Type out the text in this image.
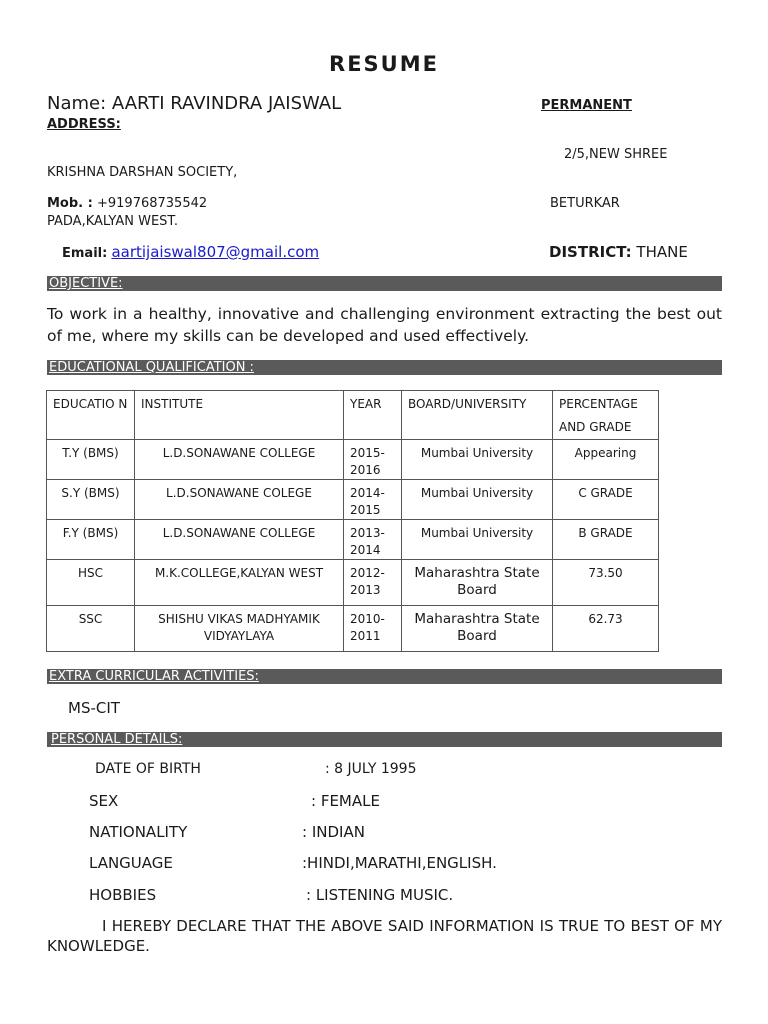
RESUME
Name: AARTI RAVINDRA JAISWAL	PERMANENT
ADDRESS:
2/5,NEW SHREE
KRISHNA DARSHAN SOCIETY,
Mob. : +919768735542	BETURKAR
PADA,KALYAN WEST.
Email: aartijaiswal807@gmail.com	DISTRICT: THANE
OBJECTIVE:
To work in a healthy, innovative and challenging environment extracting the best out of me, where my skills can be developed and used effectively.
EDUCATIONAL QUALIFICATION :
EDUCATIO N	INSTITUTE	YEAR	BOARD/UNIVERSITY	PERCENTAGE AND GRADE
T.Y (BMS)	L.D.SONAWANE COLLEGE	2015-2016	Mumbai University	Appearing
S.Y (BMS)	L.D.SONAWANE COLEGE	2014-2015	Mumbai University	C GRADE
F.Y (BMS)	L.D.SONAWANE COLLEGE	2013-2014	Mumbai University	B GRADE
HSC	M.K.COLLEGE,KALYAN WEST	2012-2013	Maharashtra State Board	73.50
SSC	SHISHU VIKAS MADHYAMIK VIDYAYLAYA	2010-2011	Maharashtra State Board	62.73
EXTRA CURRICULAR ACTIVITIES:
MS-CIT
PERSONAL DETAILS:
DATE OF BIRTH	: 8 JULY 1995
SEX	: FEMALE
NATIONALITY	: INDIAN
LANGUAGE	:HINDI,MARATHI,ENGLISH.
HOBBIES	: LISTENING MUSIC.
I HEREBY DECLARE THAT THE ABOVE SAID INFORMATION IS TRUE TO BEST OF MY KNOWLEDGE.
